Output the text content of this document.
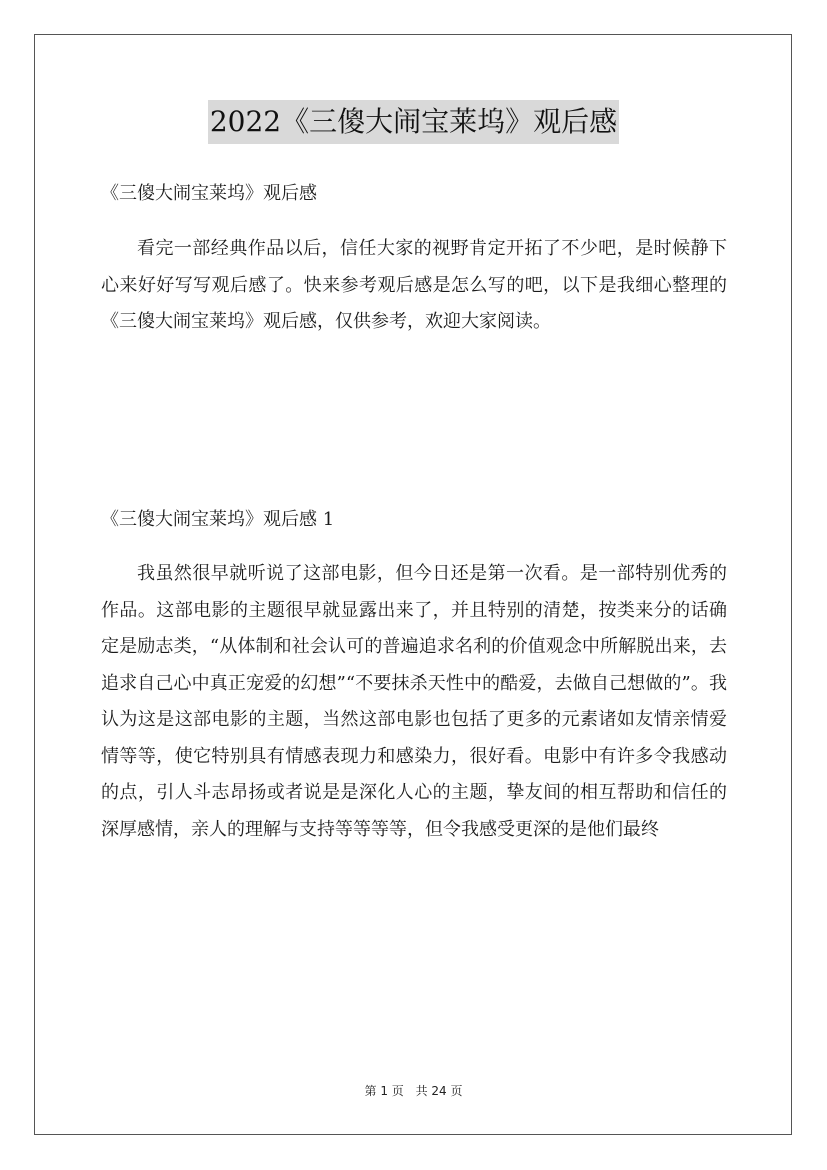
2022《三傻大闹宝莱坞》观后感
《三傻大闹宝莱坞》观后感

看完一部经典作品以后，信任大家的视野肯定开拓了不少吧，是时候静下心来好好写写观后感了。快来参考观后感是怎么写的吧，以下是我细心整理的《三傻大闹宝莱坞》观后感，仅供参考，欢迎大家阅读。

《三傻大闹宝莱坞》观后感 1

我虽然很早就听说了这部电影，但今日还是第一次看。是一部特别优秀的作品。这部电影的主题很早就显露出来了，并且特别的清楚，按类来分的话确定是励志类，“从体制和社会认可的普遍追求名利的价值观念中所解脱出来，去追求自己心中真正宠爱的幻想”“不要抹杀天性中的酷爱，去做自己想做的”。我认为这是这部电影的主题，当然这部电影也包括了更多的元素诸如友情亲情爱情等等，使它特别具有情感表现力和感染力，很好看。电影中有许多令我感动的点，引人斗志昂扬或者说是是深化人心的主题，挚友间的相互帮助和信任的深厚感情，亲人的理解与支持等等等等，但令我感受更深的是他们最终

第 1 页 共 24 页
